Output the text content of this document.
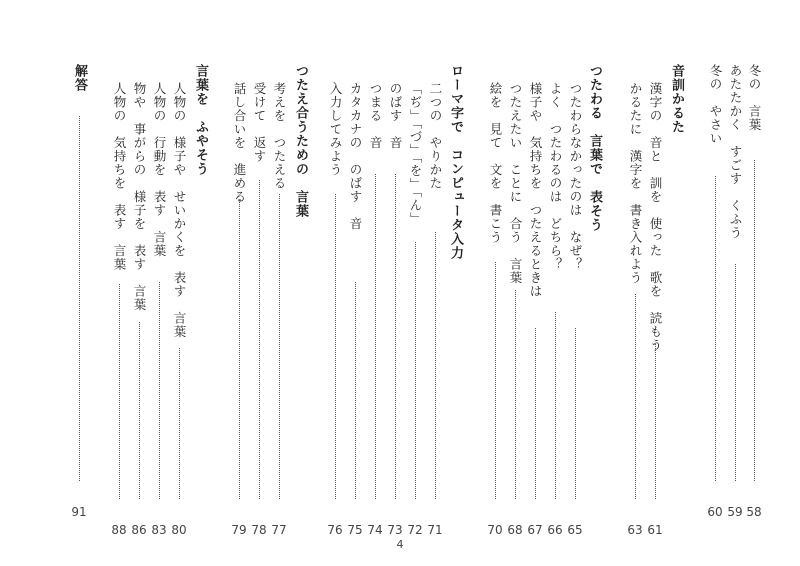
音訓かるた
つたわる　言葉で　表そう
ローマ字で　コンピュータ入力
つたえ合うための　言葉
言葉を　ふやそう
解答	冬の　言葉
58
あたたかく　すごす　くふう
59
冬の　やさい
60
漢字の　音と　訓を　使った　歌を　読もう
61
かるたに　漢字を　書き入れよう
63
つたわらなかったのは　なぜ？
65
よく　つたわるのは　どちら？
66
様子や　気持ちを　つたえるときは
67
つたえたい　ことに　合う　言葉
68
絵を　見て　文を　書こう
70
二つの　やりかた
71
「ぢ」「づ」「を」「ん」
72
のばす　音
73
つまる　音
74
カタカナの　のばす　音
75
入力してみよう
76
考えを　つたえる
77
受けて　返す
78
話し合いを　進める
79
人物の　様子や　せいかくを　表す　言葉
80
人物の　行動を　表す　言葉
83
物や　事がらの　様子を　表す　言葉
86
人物の　気持ちを　表す　言葉
88
91
4
